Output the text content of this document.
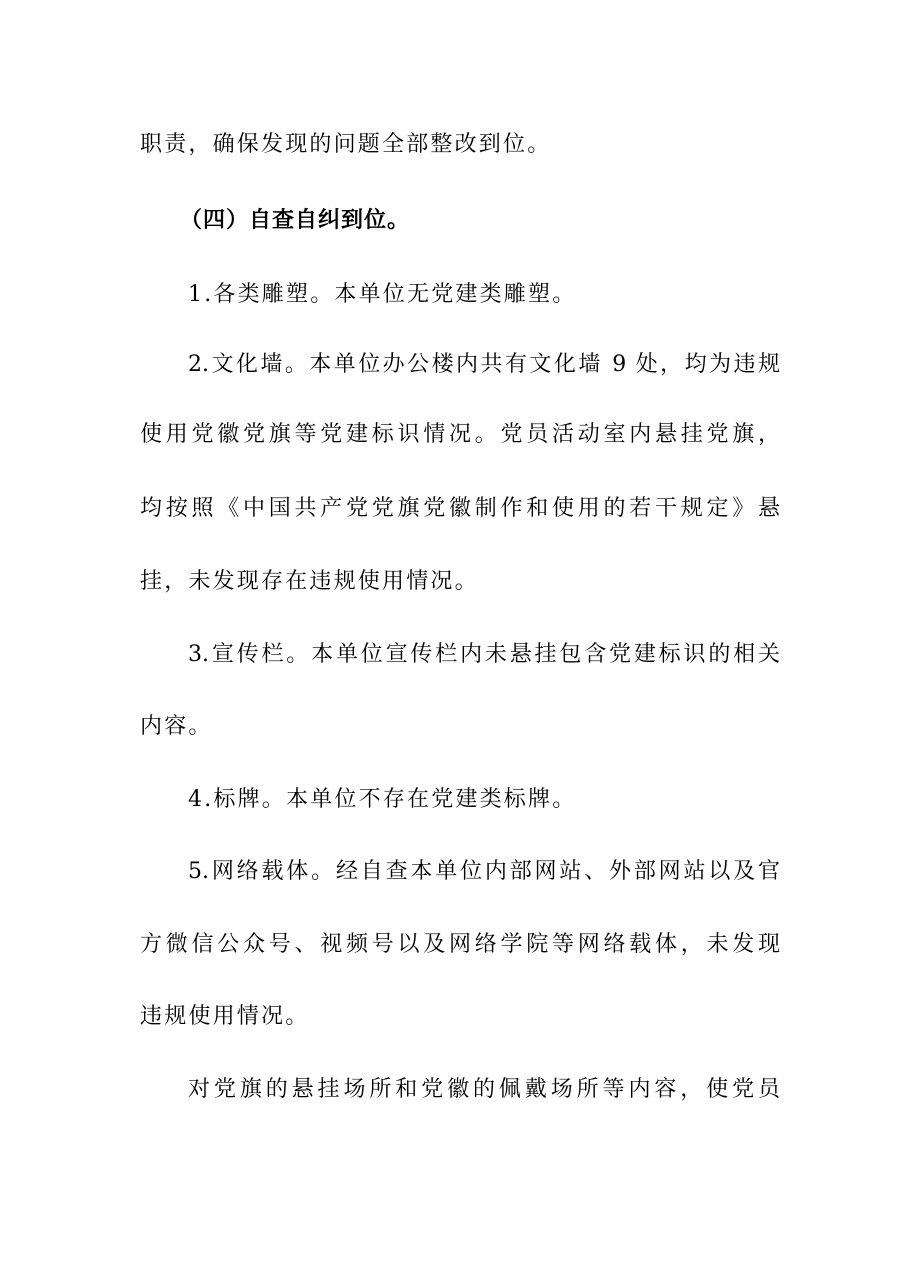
职责，确保发现的问题全部整改到位。
（四）自查自纠到位。
1.各类雕塑。本单位无党建类雕塑。
2.文化墙。本单位办公楼内共有文化墙 9 处，均为违规
使用党徽党旗等党建标识情况。党员活动室内悬挂党旗，
均按照《中国共产党党旗党徽制作和使用的若干规定》悬
挂，未发现存在违规使用情况。
3.宣传栏。本单位宣传栏内未悬挂包含党建标识的相关
内容。
4.标牌。本单位不存在党建类标牌。
5.网络载体。经自查本单位内部网站、外部网站以及官
方微信公众号、视频号以及网络学院等网络载体，未发现
违规使用情况。
对党旗的悬挂场所和党徽的佩戴场所等内容，使党员
